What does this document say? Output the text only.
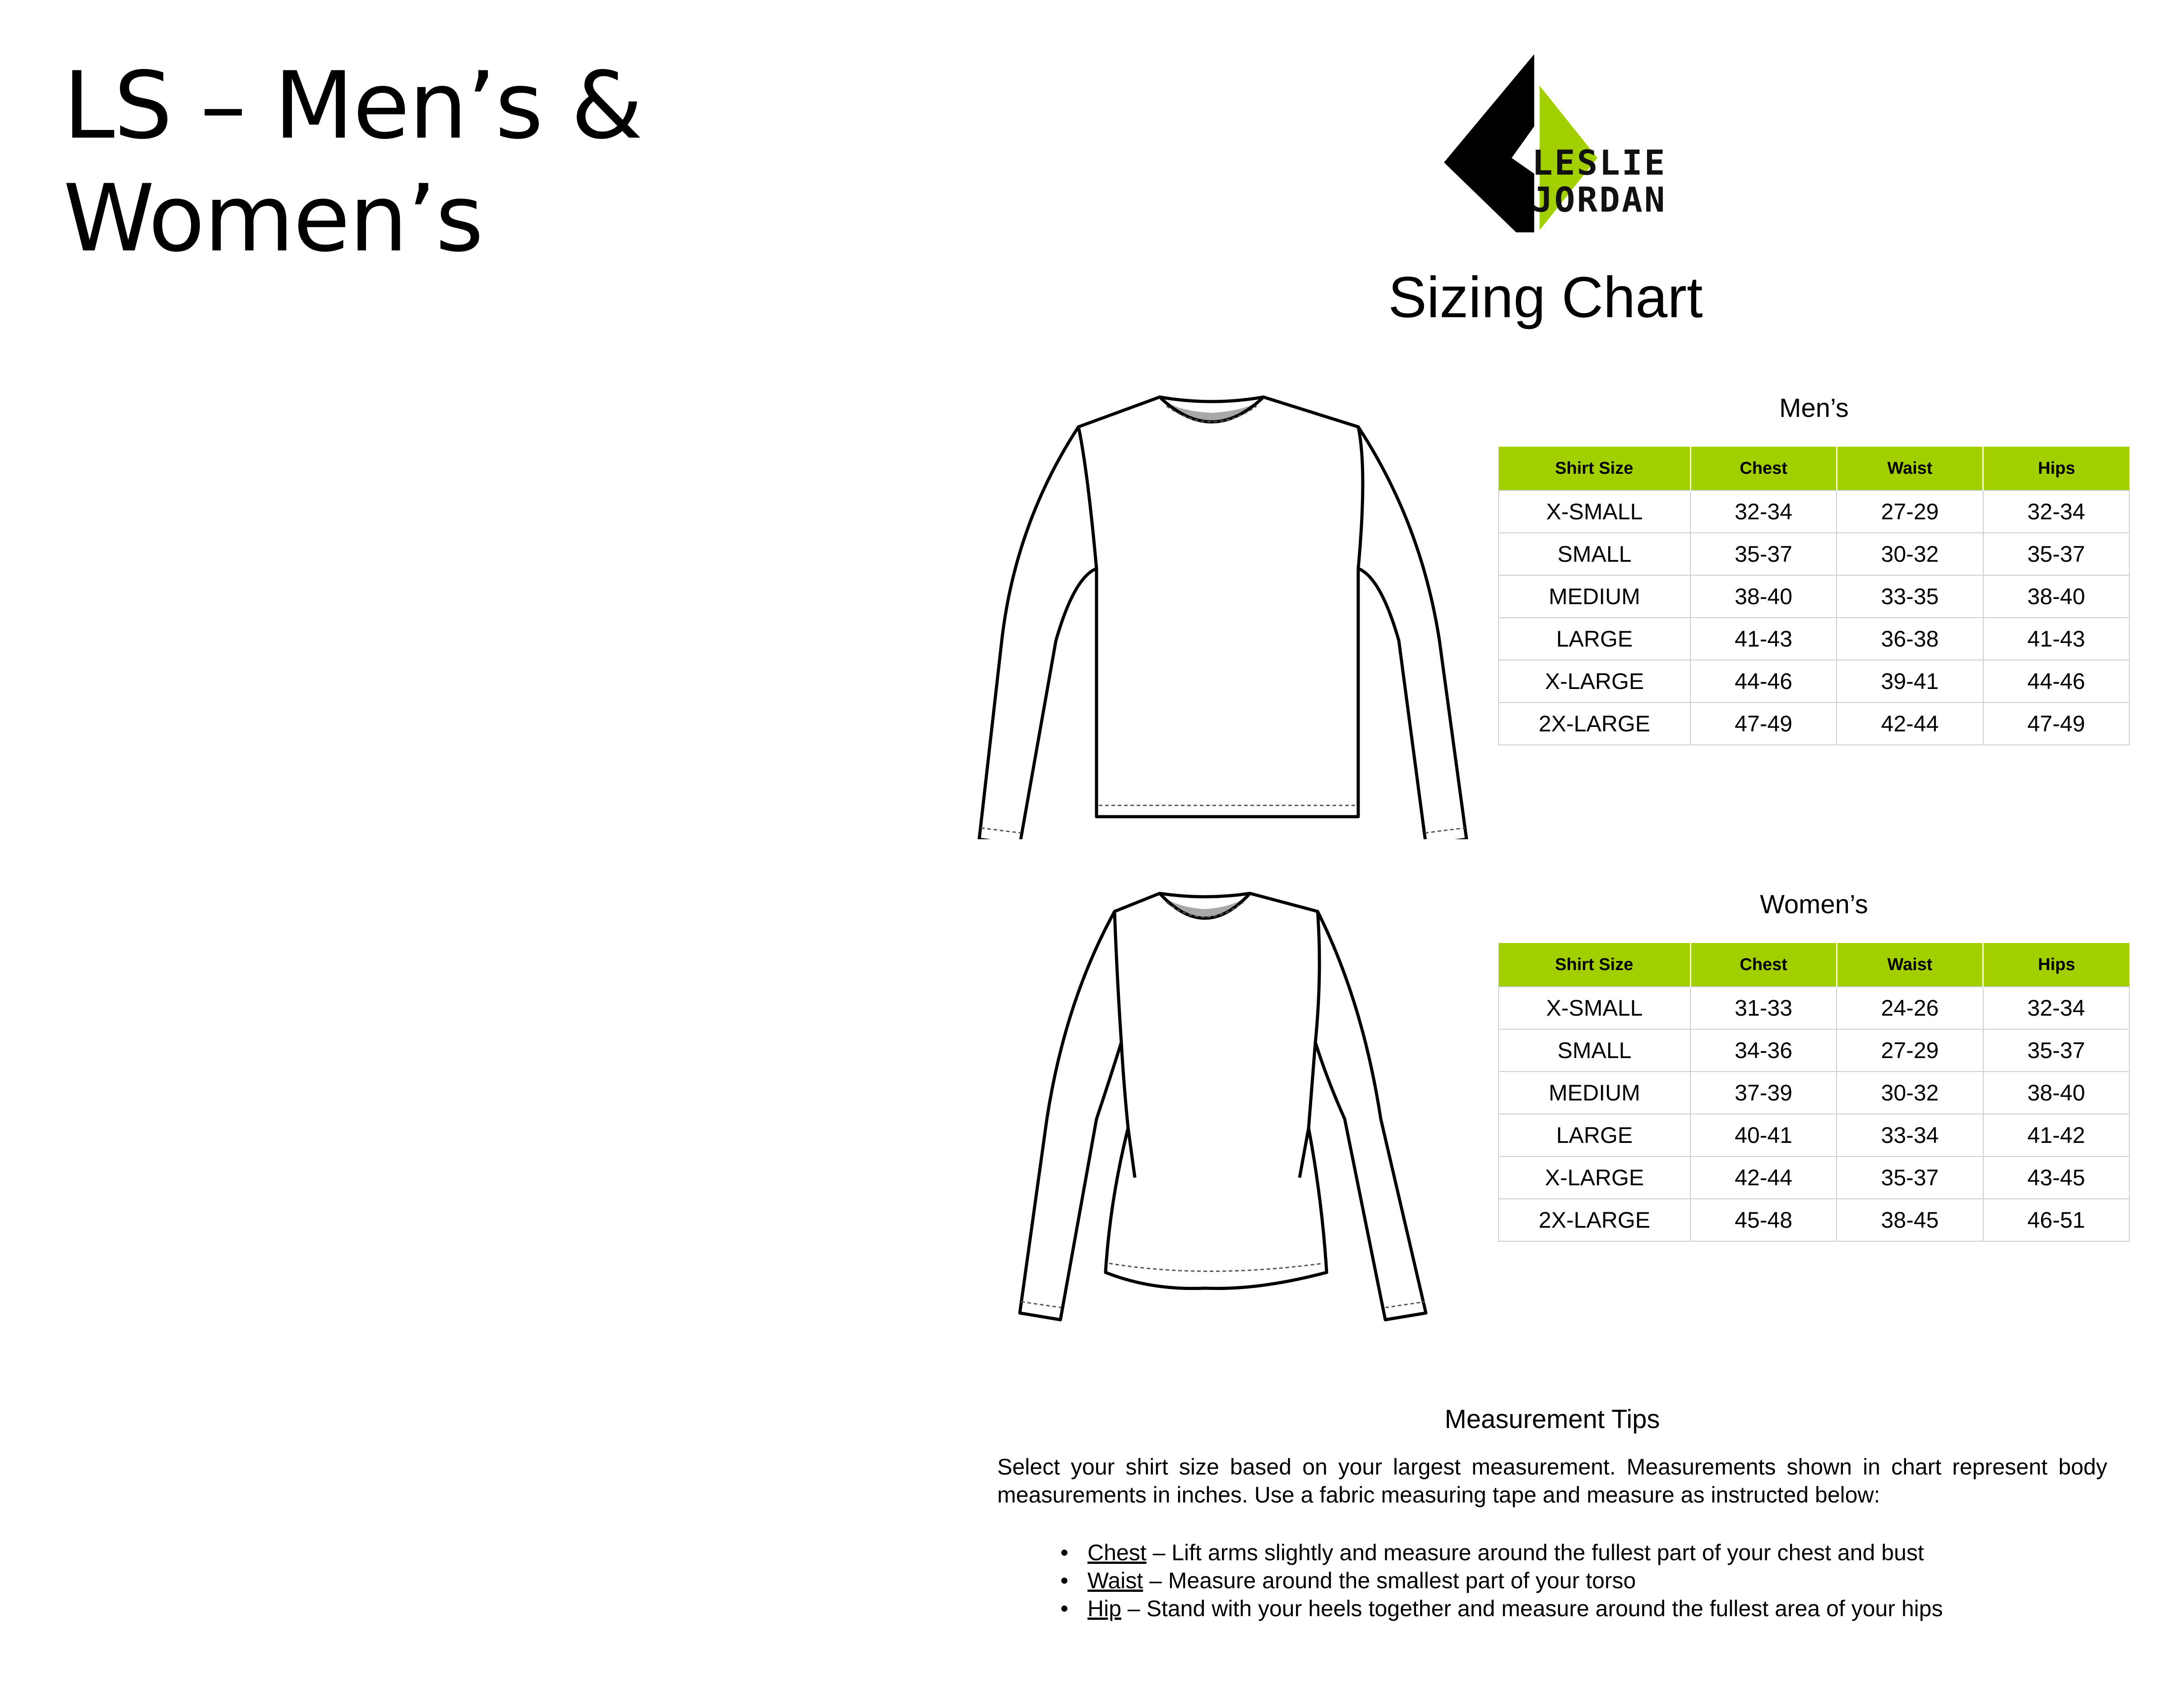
LS – Men’s & Women’s
LESLIE
JORDAN
Sizing Chart
Men’s
Shirt Size	Chest	Waist	Hips
X-SMALL	32-34	27-29	32-34
SMALL	35-37	30-32	35-37
MEDIUM	38-40	33-35	38-40
LARGE	41-43	36-38	41-43
X-LARGE	44-46	39-41	44-46
2X-LARGE	47-49	42-44	47-49
Women’s
Shirt Size	Chest	Waist	Hips
X-SMALL	31-33	24-26	32-34
SMALL	34-36	27-29	35-37
MEDIUM	37-39	30-32	38-40
LARGE	40-41	33-34	41-42
X-LARGE	42-44	35-37	43-45
2X-LARGE	45-48	38-45	46-51
Measurement Tips

Select your shirt size based on your largest measurement. Measurements shown in chart represent body measurements in inches. Use a fabric measuring tape and measure as instructed below:

• Chest – Lift arms slightly and measure around the fullest part of your chest and bust
• Waist – Measure around the smallest part of your torso
• Hip – Stand with your heels together and measure around the fullest area of your hips
